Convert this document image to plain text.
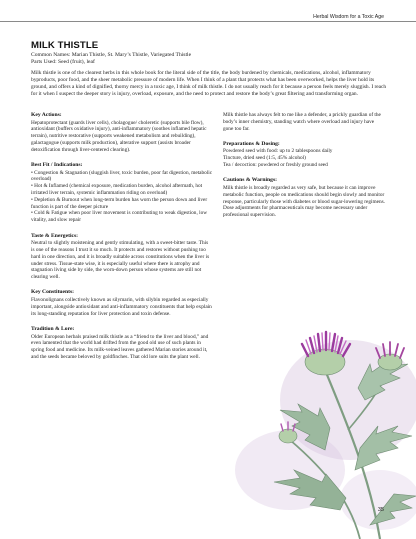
Herbal Wisdom for a Toxic Age
MILK THISTLE
Common Names: Marian Thistle, St. Mary’s Thistle, Variegated Thistle
Parts Used: Seed (fruit), leaf
Milk thistle is one of the clearest herbs in this whole book for the literal side of the title, the body burdened by chemicals, medications, alcohol, inflammatory byproducts, poor food, and the sheer metabolic pressure of modern life. When I think of a plant that protects what has been overworked, helps the liver hold its ground, and offers a kind of dignified, thorny mercy in a toxic age, I think of milk thistle. I do not usually reach for it because a person feels merely sluggish. I reach for it when I suspect the deeper story is injury, overload, exposure, and the need to protect and restore the body’s great filtering and transforming organ.
Key Actions:
Hepatoprotectant (guards liver cells), cholagogue/ choleretic (supports bile flow), antioxidant (buffers oxidative injury), anti-inflammatory (soothes inflamed hepatic terrain), nutritive restorative (supports weakened metabolism and rebuilding), galactagogue (supports milk production), alterative support (assists broader detoxification through liver-centered clearing).
Best Fit / Indications:

• Congestion & Stagnation (sluggish liver, toxic burden, poor fat digestion, metabolic overload)

• Hot & Inflamed (chemical exposure, medication burden, alcohol aftermath, hot irritated liver terrain, systemic inflammation riding on overload)

• Depletion & Burnout when long-term burden has worn the person down and liver function is part of the deeper picture

• Cold & Fatigue when poor liver movement is contributing to weak digestion, low vitality, and slow repair

Taste & Energetics:
Neutral to slightly moistening and gently stimulating, with a sweet-bitter taste. This is one of the reasons I trust it so much. It protects and restores without pushing too hard in one direction, and it is broadly suitable across constitutions when the liver is under stress. Tissue-state wise, it is especially useful where there is atrophy and stagnation living side by side, the worn-down person whose systems are still not clearing well.
Key Constituents:
Flavonolignans collectively known as silymarin, with silybin regarded as especially important, alongside antioxidant and anti-inflammatory constituents that help explain its long-standing reputation for liver protection and toxin defense.
Tradition & Lore:
Older European herbals praised milk thistle as a “friend to the liver and blood,” and even lamented that the world had drifted from the good old use of such plants in spring food and medicine. Its milk-veined leaves gathered Marian stories around it, and the seeds became beloved by goldfinches. That old lore suits the plant well.
Milk thistle has always felt to me like a defender, a prickly guardian of the body’s inner chemistry, standing watch where overload and injury have gone too far.
Preparations & Dosing:

Powdered seed with food: up to 2 tablespoons daily

Tincture, dried seed (1:5, 45% alcohol)

Tea / decoction: powdered or freshly ground seed

Cautions & Warnings:
Milk thistle is broadly regarded as very safe, but because it can improve metabolic function, people on medications should begin slowly and monitor response, particularly those with diabetes or blood sugar-lowering regimens. Dose adjustments for pharmaceuticals may become necessary under professional supervision.
35
